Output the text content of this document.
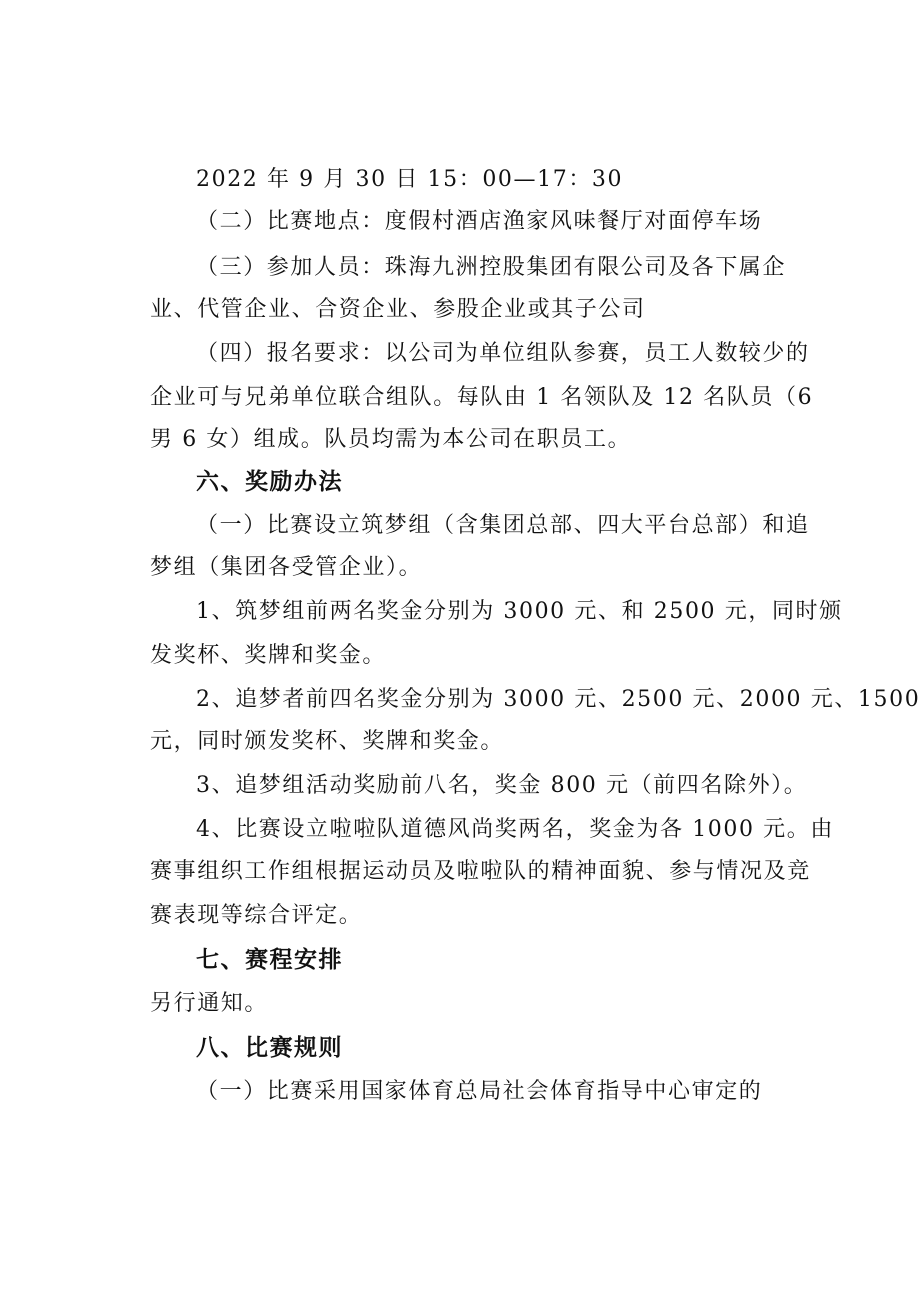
2022 年 9 月 30 日 15：00—17：30
（二）比赛地点：度假村酒店渔家风味餐厅对面停车场
（三）参加人员：珠海九洲控股集团有限公司及各下属企
业、代管企业、合资企业、参股企业或其子公司
（四）报名要求：以公司为单位组队参赛，员工人数较少的
企业可与兄弟单位联合组队。每队由 1 名领队及 12 名队员（6
男 6 女）组成。队员均需为本公司在职员工。
六、奖励办法
（一）比赛设立筑梦组（含集团总部、四大平台总部）和追
梦组（集团各受管企业）。
1、筑梦组前两名奖金分别为 3000 元、和 2500 元，同时颁
发奖杯、奖牌和奖金。
2、追梦者前四名奖金分别为 3000 元、2500 元、2000 元、1500
元，同时颁发奖杯、奖牌和奖金。
3、追梦组活动奖励前八名，奖金 800 元（前四名除外）。
4、比赛设立啦啦队道德风尚奖两名，奖金为各 1000 元。由
赛事组织工作组根据运动员及啦啦队的精神面貌、参与情况及竞
赛表现等综合评定。
七、赛程安排
另行通知。
八、比赛规则
（一）比赛采用国家体育总局社会体育指导中心审定的
